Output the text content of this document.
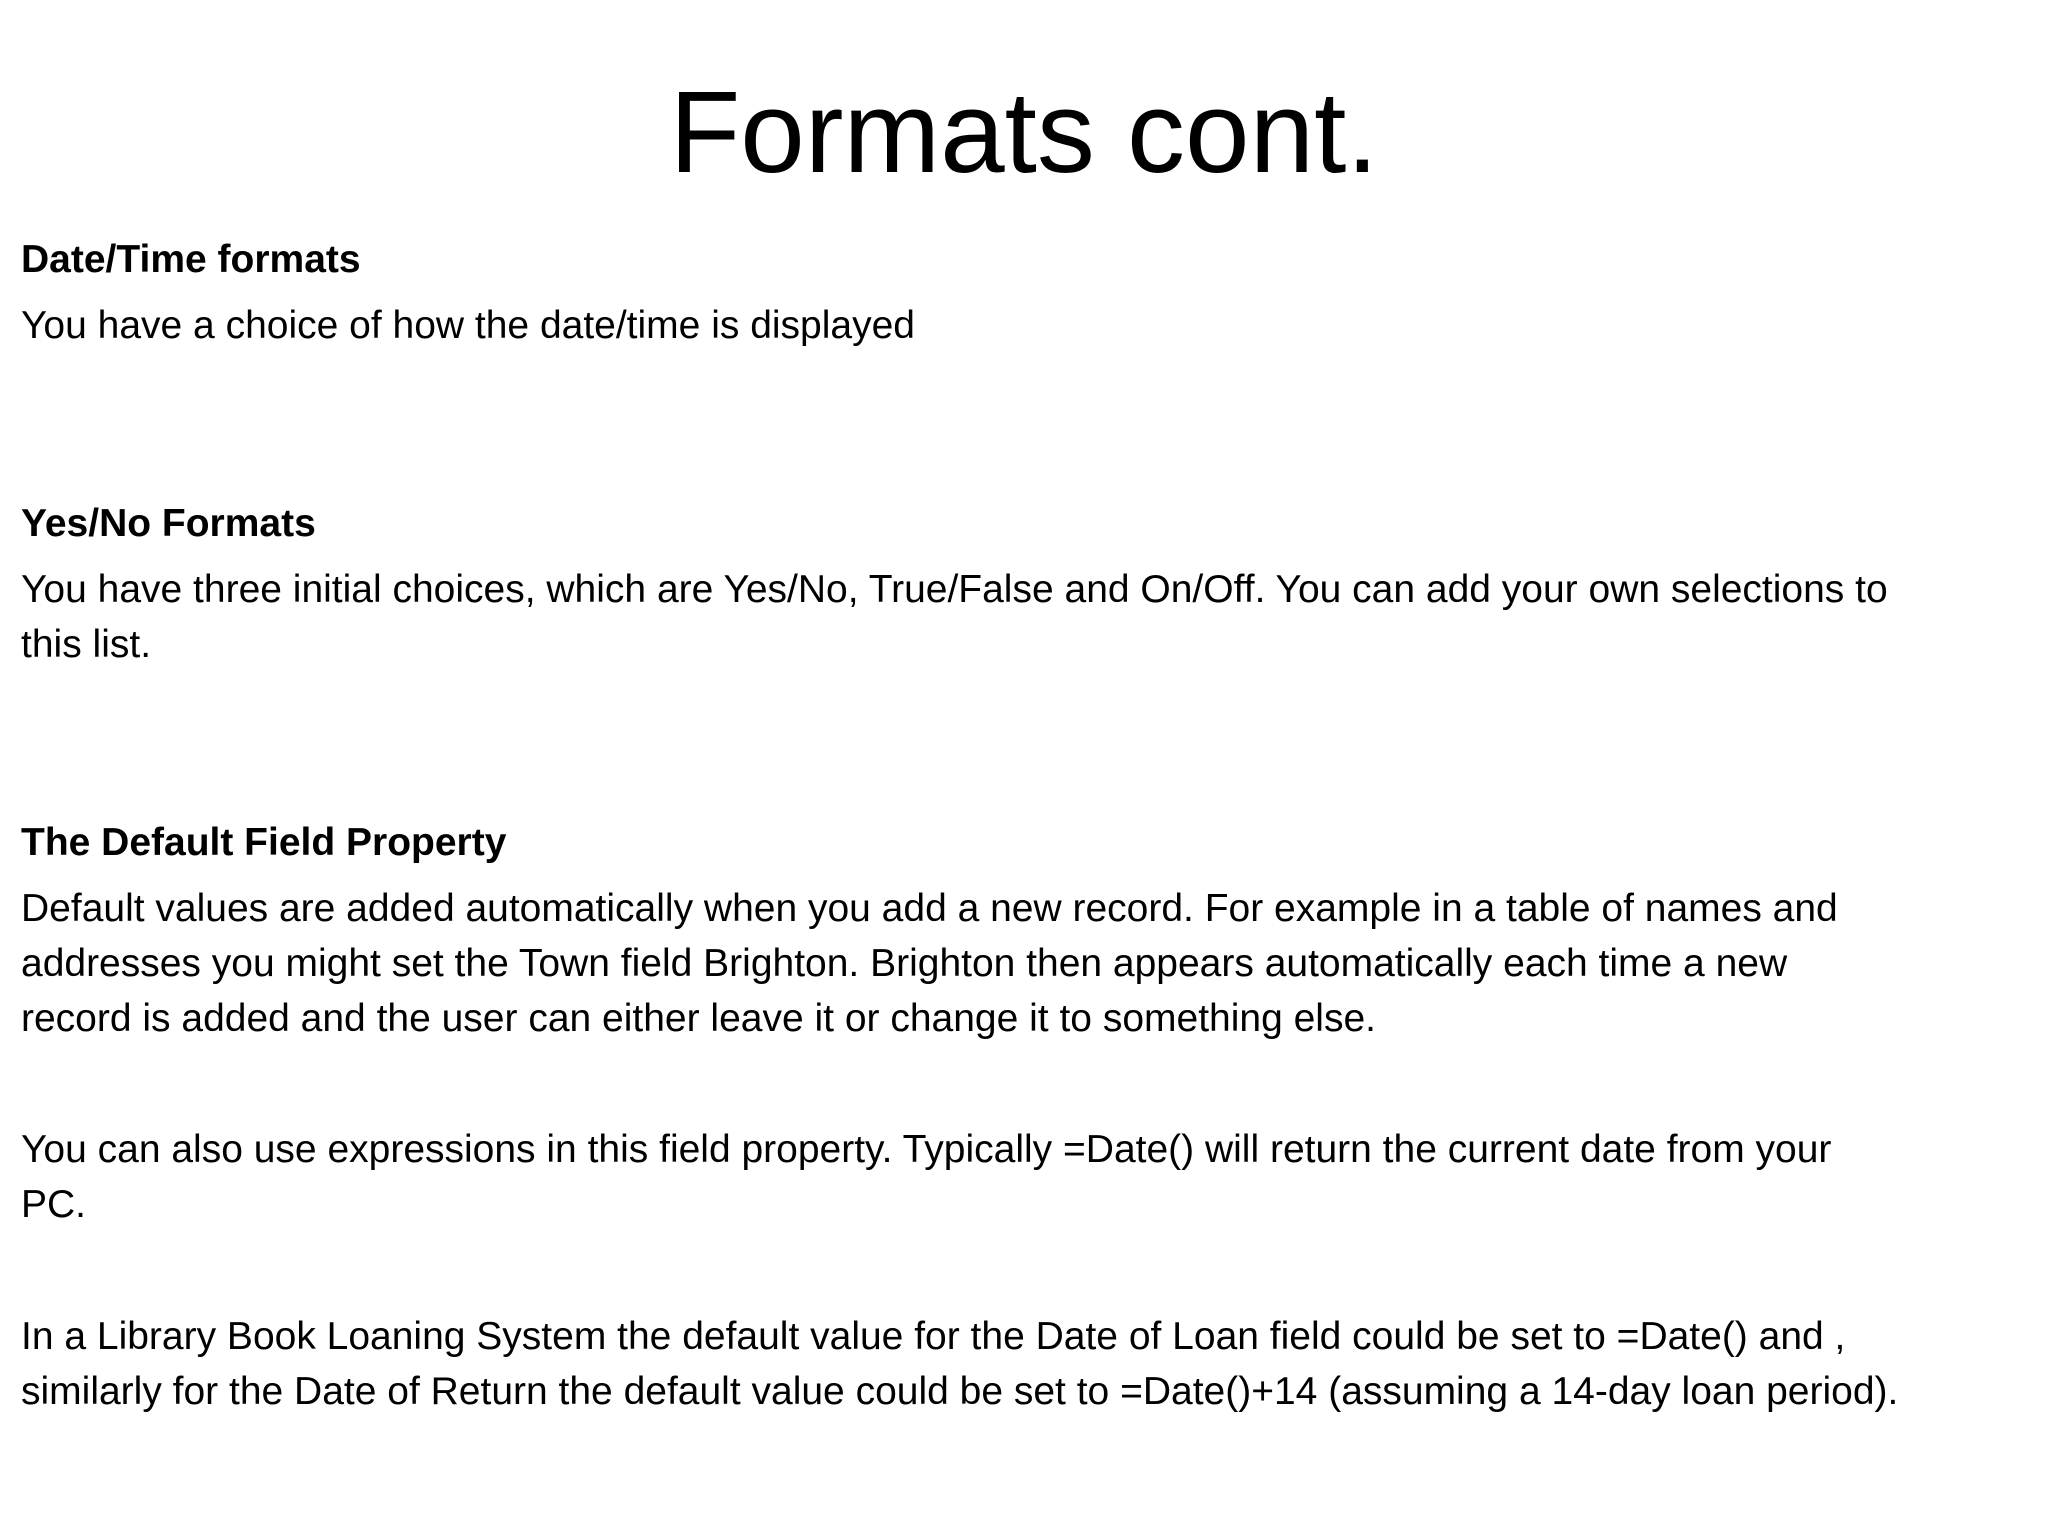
Formats cont.
Date/Time formats
You have a choice of how the date/time is displayed
Yes/No Formats
You have three initial choices, which are Yes/No, True/False and On/Off. You can add your own selections to
this list.
The Default Field Property
Default values are added automatically when you add a new record. For example in a table of names and
addresses you might set the Town field Brighton. Brighton then appears automatically each time a new
record is added and the user can either leave it or change it to something else.
You can also use expressions in this field property. Typically =Date() will return the current date from your
PC.
In a Library Book Loaning System the default value for the Date of Loan field could be set to =Date() and ,
similarly for the Date of Return the default value could be set to =Date()+14 (assuming a 14-day loan period).
